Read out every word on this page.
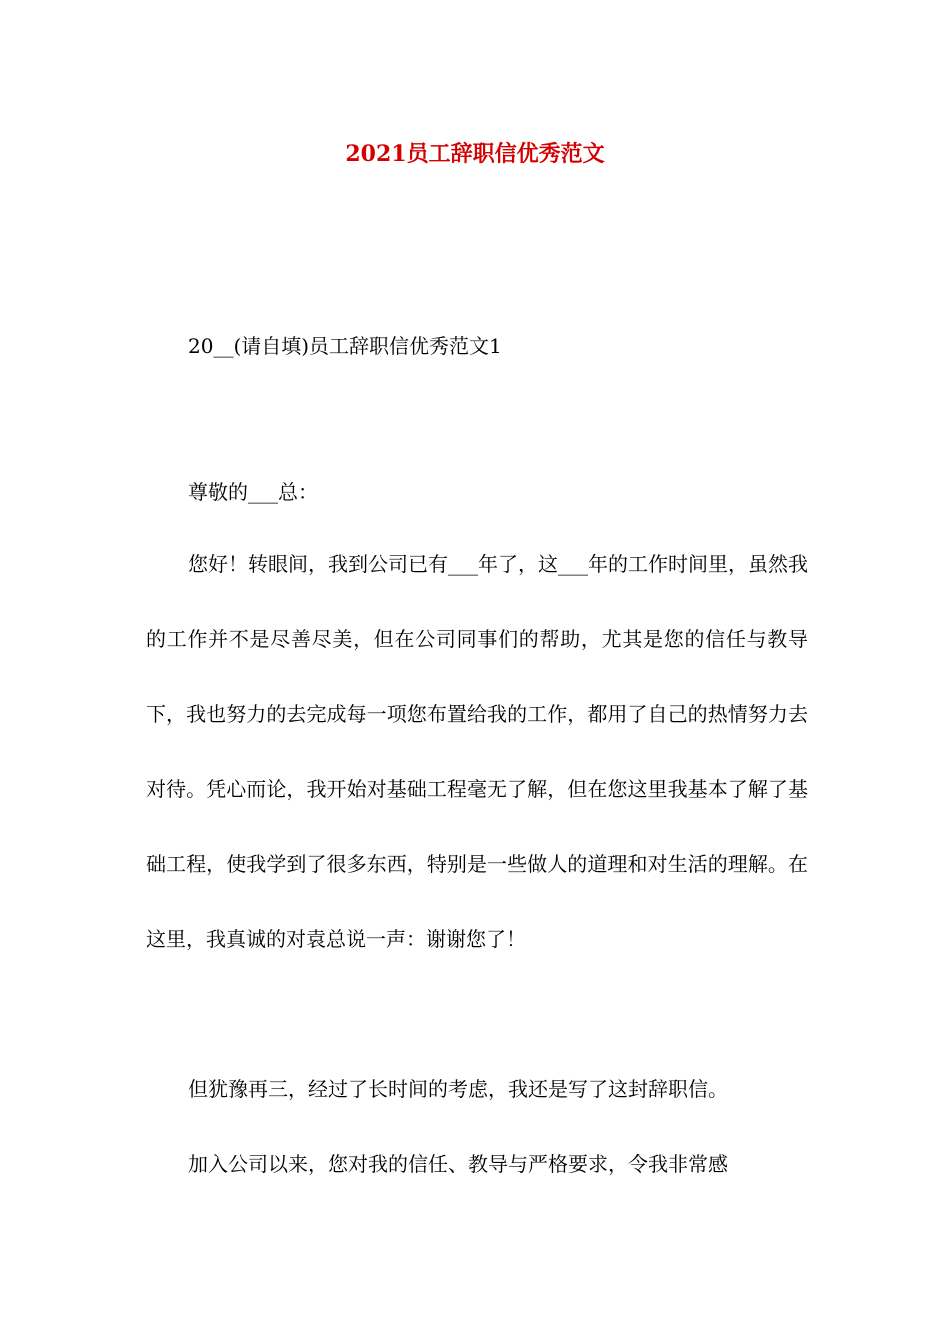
2021员工辞职信优秀范文
20__(请自填)员工辞职信优秀范文1
尊敬的___总：

您好！转眼间，我到公司已有___年了，这___年的工作时间里，虽然我的工作并不是尽善尽美，但在公司同事们的帮助，尤其是您的信任与教导下，我也努力的去完成每一项您布置给我的工作，都用了自己的热情努力去对待。凭心而论，我开始对基础工程毫无了解，但在您这里我基本了解了基础工程，使我学到了很多东西，特别是一些做人的道理和对生活的理解。在这里，我真诚的对袁总说一声：谢谢您了！

但犹豫再三，经过了长时间的考虑，我还是写了这封辞职信。

加入公司以来，您对我的信任、教导与严格要求，令我非常感
